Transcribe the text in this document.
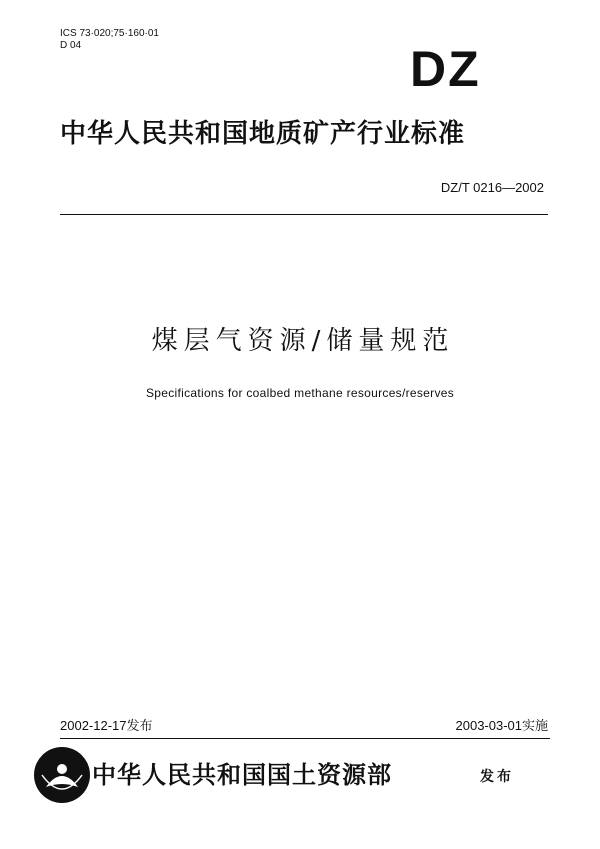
ICS 73·020;75·160·01
D 04	DZ
中华人民共和国地质矿产行业标准
DZ/T 0216—2002
煤层气资源/储量规范
Specifications for coalbed methane resources/reserves
2002-12-17发布	2003-03-01实施
中华人民共和国国土资源部	发布
